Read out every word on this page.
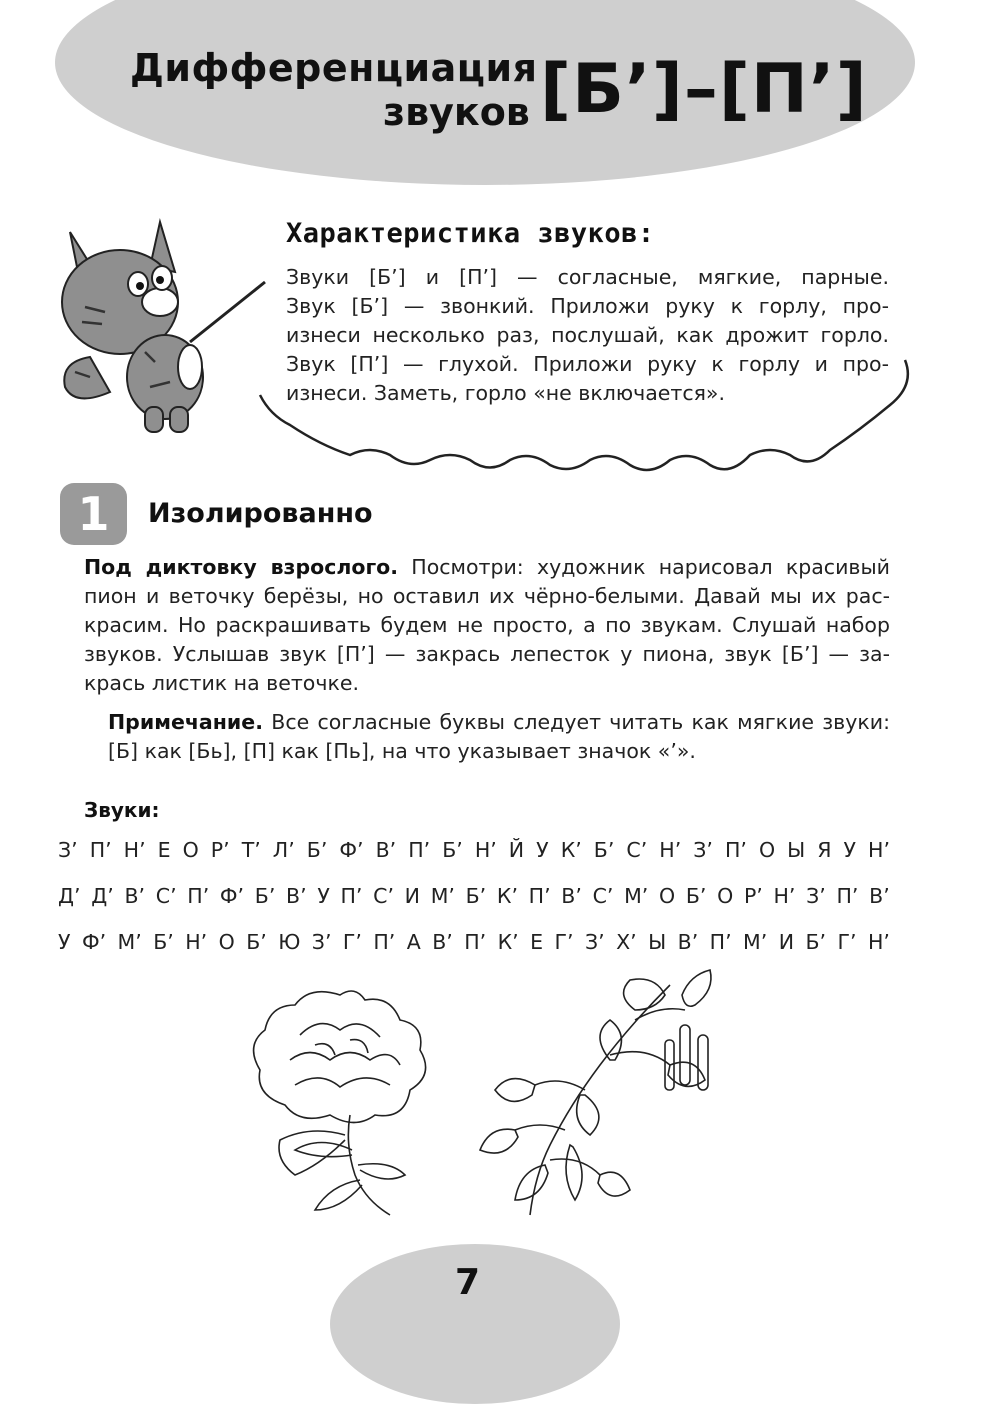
Дифференциация
звуков [Б’]–[П’]
Характеристика звуков:
Звуки [Б’] и [П’] — согласные, мягкие, парные.
Звук [Б’] — звонкий. Приложи руку к горлу, про-
изнеси несколько раз, послушай, как дрожит горло.
Звук [П’] — глухой. Приложи руку к горлу и про-
изнеси. Заметь, горло «не включается».
1	Изолированно
Под диктовку взрослого. Посмотри: художник нарисовал красивый
пион и веточку берёзы, но оставил их чёрно-белыми. Давай мы их рас-
красим. Но раскрашивать будем не просто, а по звукам. Слушай набор
звуков. Услышав звук [П’] — закрась лепесток у пиона, звук [Б’] — за-
крась листик на веточке.
Примечание. Все согласные буквы следует читать как мягкие звуки:
[Б] как [Бь], [П] как [Пь], на что указывает значок «’».
Звуки:
З’ П’ Н’ Е О Р’ Т’ Л’ Б’ Ф’ В’ П’ Б’ Н’ Й У К’ Б’ С’ Н’ З’ П’ О Ы Я У Н’
Д’ Д’ В’ С’ П’ Ф’ Б’ В’ У П’ С’ И М’ Б’ К’ П’ В’ С’ М’ О Б’ О Р’ Н’ З’ П’ В’
У Ф’ М’ Б’ Н’ О Б’ Ю З’ Г’ П’ А В’ П’ К’ Е Г’ З’ Х’ Ы В’ П’ М’ И Б’ Г’ Н’
7
